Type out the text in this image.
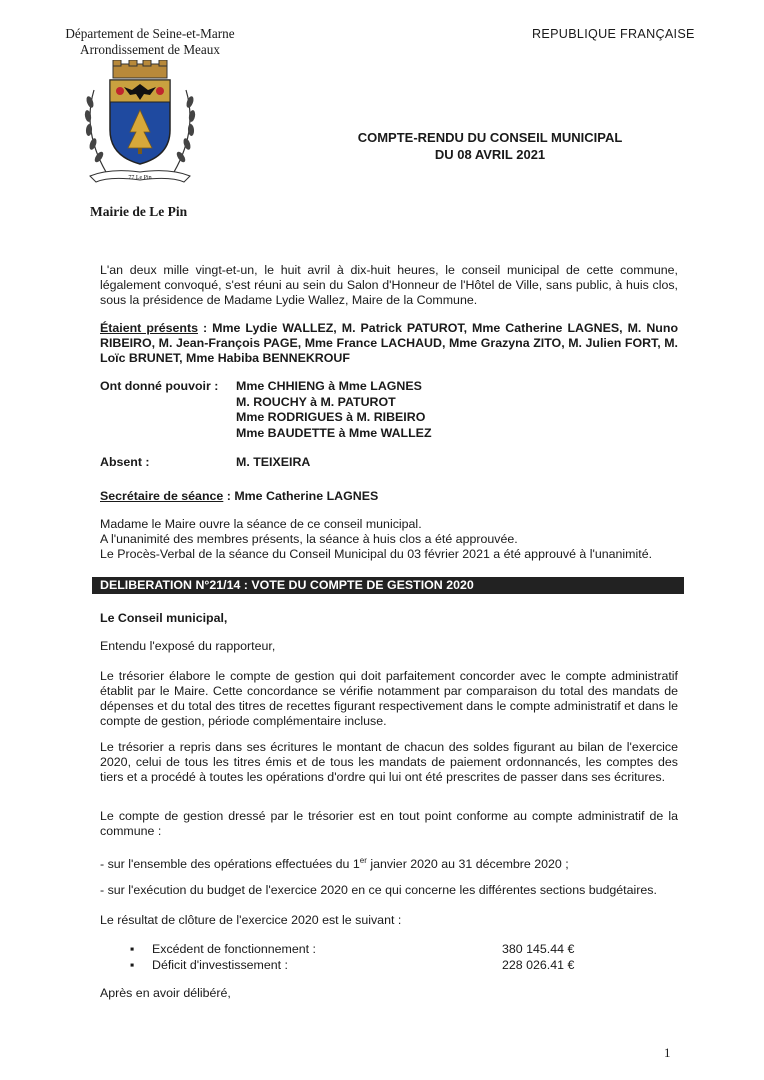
Département de Seine-et-Marne
Arrondissement de Meaux
REPUBLIQUE FRANÇAISE
77 Le Pin
Mairie de Le Pin
COMPTE-RENDU DU CONSEIL MUNICIPAL
DU 08 AVRIL 2021
L'an deux mille vingt-et-un, le huit avril à dix-huit heures, le conseil municipal de cette commune, légalement convoqué, s'est réuni au sein du Salon d'Honneur de l'Hôtel de Ville, sans public, à huis clos, sous la présidence de Madame Lydie Wallez, Maire de la Commune.
Étaient présents : Mme Lydie WALLEZ, M. Patrick PATUROT, Mme Catherine LAGNES, M. Nuno RIBEIRO, M. Jean-François PAGE, Mme France LACHAUD, Mme Grazyna ZITO, M. Julien FORT, M. Loïc BRUNET, Mme Habiba BENNEKROUF
Ont donné pouvoir : Mme CHHIENG à Mme LAGNES
M. ROUCHY à M. PATUROT
Mme RODRIGUES à M. RIBEIRO
Mme BAUDETTE à Mme WALLEZ
Absent :	M. TEIXEIRA
Secrétaire de séance : Mme Catherine LAGNES
Madame le Maire ouvre la séance de ce conseil municipal.
A l'unanimité des membres présents, la séance à huis clos a été approuvée.
Le Procès-Verbal de la séance du Conseil Municipal du 03 février 2021 a été approuvé à l'unanimité.
DELIBERATION N°21/14 : VOTE DU COMPTE DE GESTION 2020
Le Conseil municipal,
Entendu l'exposé du rapporteur,
Le trésorier élabore le compte de gestion qui doit parfaitement concorder avec le compte administratif établit par le Maire. Cette concordance se vérifie notamment par comparaison du total des mandats de dépenses et du total des titres de recettes figurant respectivement dans le compte administratif et dans le compte de gestion, période complémentaire incluse.
Le trésorier a repris dans ses écritures le montant de chacun des soldes figurant au bilan de l'exercice 2020, celui de tous les titres émis et de tous les mandats de paiement ordonnancés, les comptes des tiers et a procédé à toutes les opérations d'ordre qui lui ont été prescrites de passer dans ses écritures.
Le compte de gestion dressé par le trésorier est en tout point conforme au compte administratif de la commune :
- sur l'ensemble des opérations effectuées du 1er janvier 2020 au 31 décembre 2020 ;
- sur l'exécution du budget de l'exercice 2020 en ce qui concerne les différentes sections budgétaires.
Le résultat de clôture de l'exercice 2020 est le suivant :
▪ Excédent de fonctionnement :	380 145.44 €
▪ Déficit d'investissement :	228 026.41 €
Après en avoir délibéré,
1
